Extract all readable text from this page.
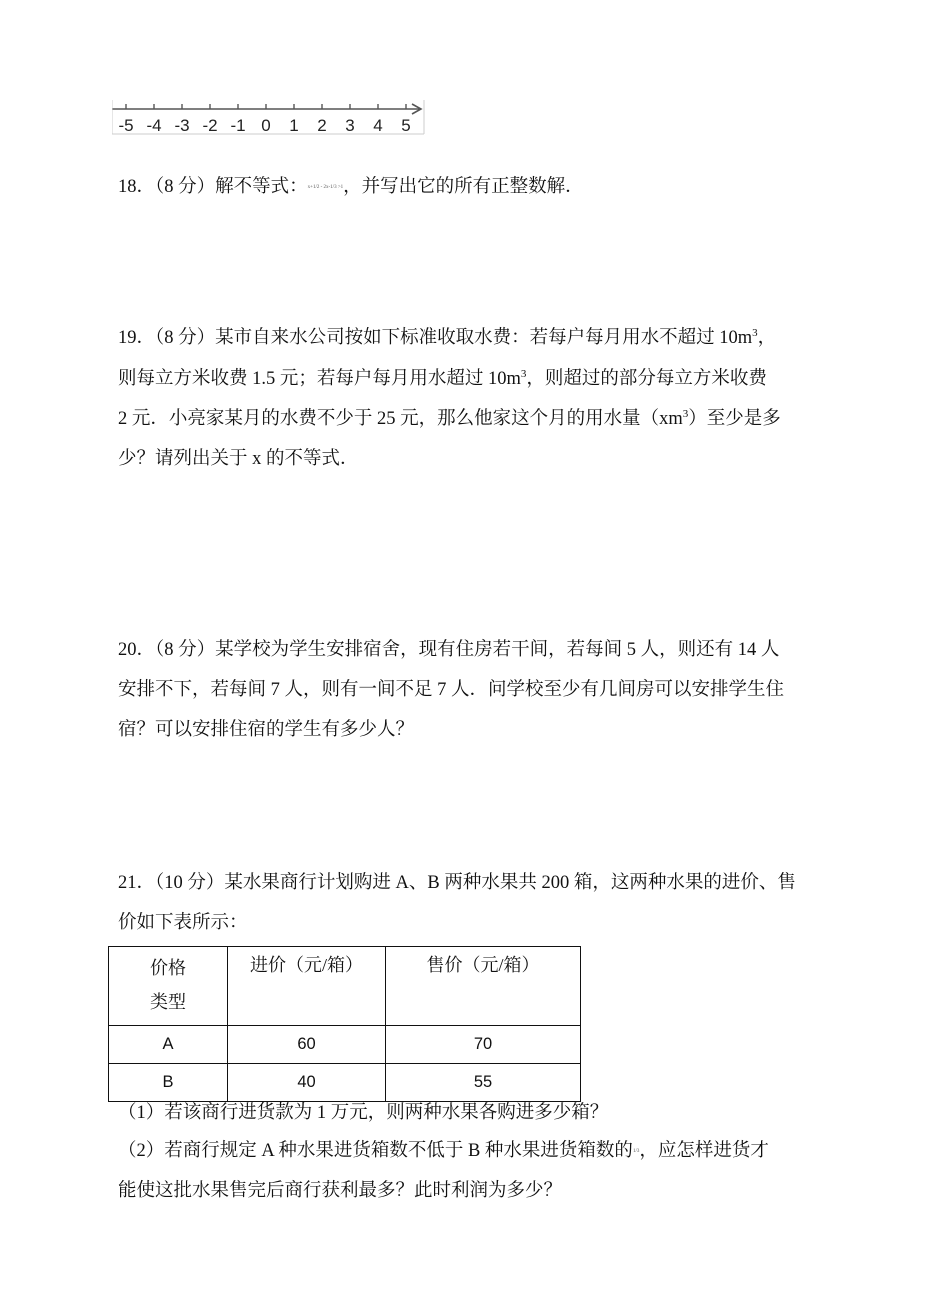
-5 -4 -3 -2 -1 0 1 2 3 4 5
18．（8 分）解不等式：x+1/2 - 2x-1/3 >1，并写出它的所有正整数解．
19．（8 分）某市自来水公司按如下标准收取水费：若每户每月用水不超过 $10m^3$，
则每立方米收费 1.5 元；若每户每月用水超过 $10m^3$，则超过的部分每立方米收费
2 元．小亮家某月的水费不少于 25 元，那么他家这个月的用水量$(xm^3)$至少是多
少？请列出关于 x 的不等式．
20．（8 分）某学校为学生安排宿舍，现有住房若干间，若每间 5 人，则还有 14 人
安排不下，若每间 7 人，则有一间不足 7 人．问学校至少有几间房可以安排学生住
宿？可以安排住宿的学生有多少人？
21．（10 分）某水果商行计划购进 A、B 两种水果共 200 箱，这两种水果的进价、售
价如下表所示：
价格
类型	进价（元/箱）	售价（元/箱）
A	60	70
B	40	55
（1）若该商行进货款为 1 万元，则两种水果各购进多少箱？
（2）若商行规定 A 种水果进货箱数不低于 B 种水果进货箱数的1/3，应怎样进货才
能使这批水果售完后商行获利最多？此时利润为多少？
